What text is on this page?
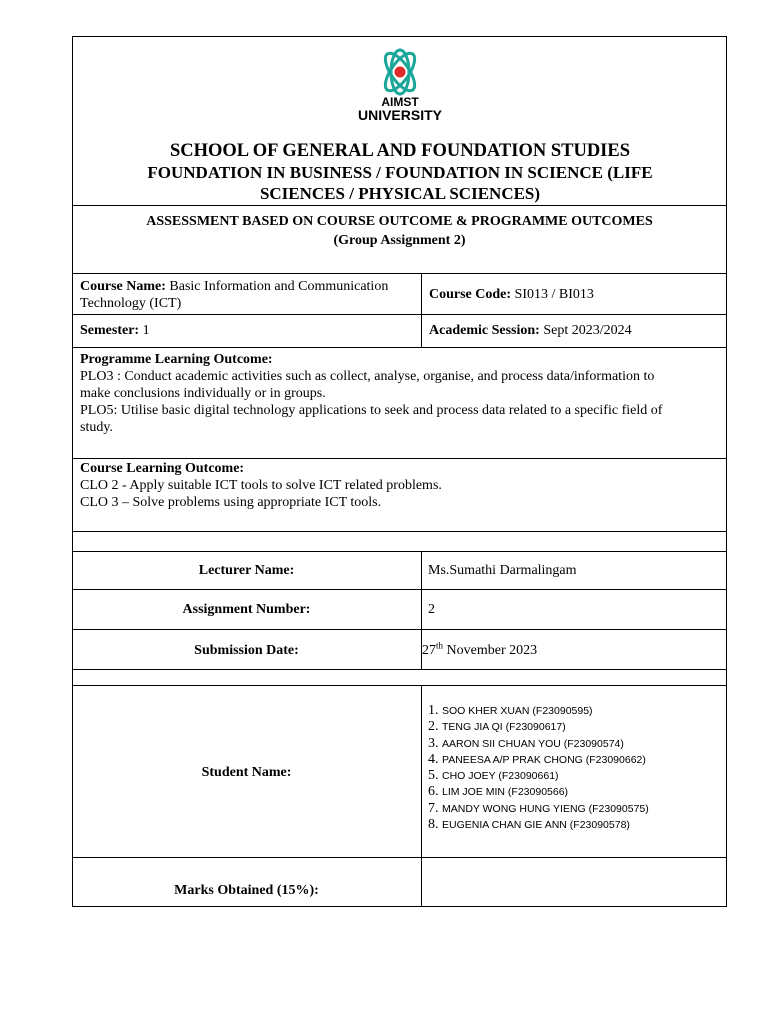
AIMST
UNIVERSITY
SCHOOL OF GENERAL AND FOUNDATION STUDIES
FOUNDATION IN BUSINESS / FOUNDATION IN SCIENCE (LIFE
SCIENCES / PHYSICAL SCIENCES)
ASSESSMENT BASED ON COURSE OUTCOME & PROGRAMME OUTCOMES
(Group Assignment 2)
Course Name: Basic Information and Communication
Technology (ICT)
Course Code: SI013 / BI013
Semester: 1	Academic Session: Sept 2023/2024
Programme Learning Outcome:
PLO3 : Conduct academic activities such as collect, analyse, organise, and process data/information to
make conclusions individually or in groups.
PLO5: Utilise basic digital technology applications to seek and process data related to a specific field of
study.
Course Learning Outcome:
CLO 2 - Apply suitable ICT tools to solve ICT related problems.
CLO 3 – Solve problems using appropriate ICT tools.
Lecturer Name:	Ms.Sumathi Darmalingam
Assignment Number:	2
Submission Date:	27th November 2023
Student Name:
1. SOO KHER XUAN (F23090595)
2. TENG JIA QI (F23090617)
3. AARON SII CHUAN YOU (F23090574)
4. PANEESA A/P PRAK CHONG (F23090662)
5. CHO JOEY (F23090661)
6. LIM JOE MIN (F23090566)
7. MANDY WONG HUNG YIENG (F23090575)
8. EUGENIA CHAN GIE ANN (F23090578)
Marks Obtained (15%):
